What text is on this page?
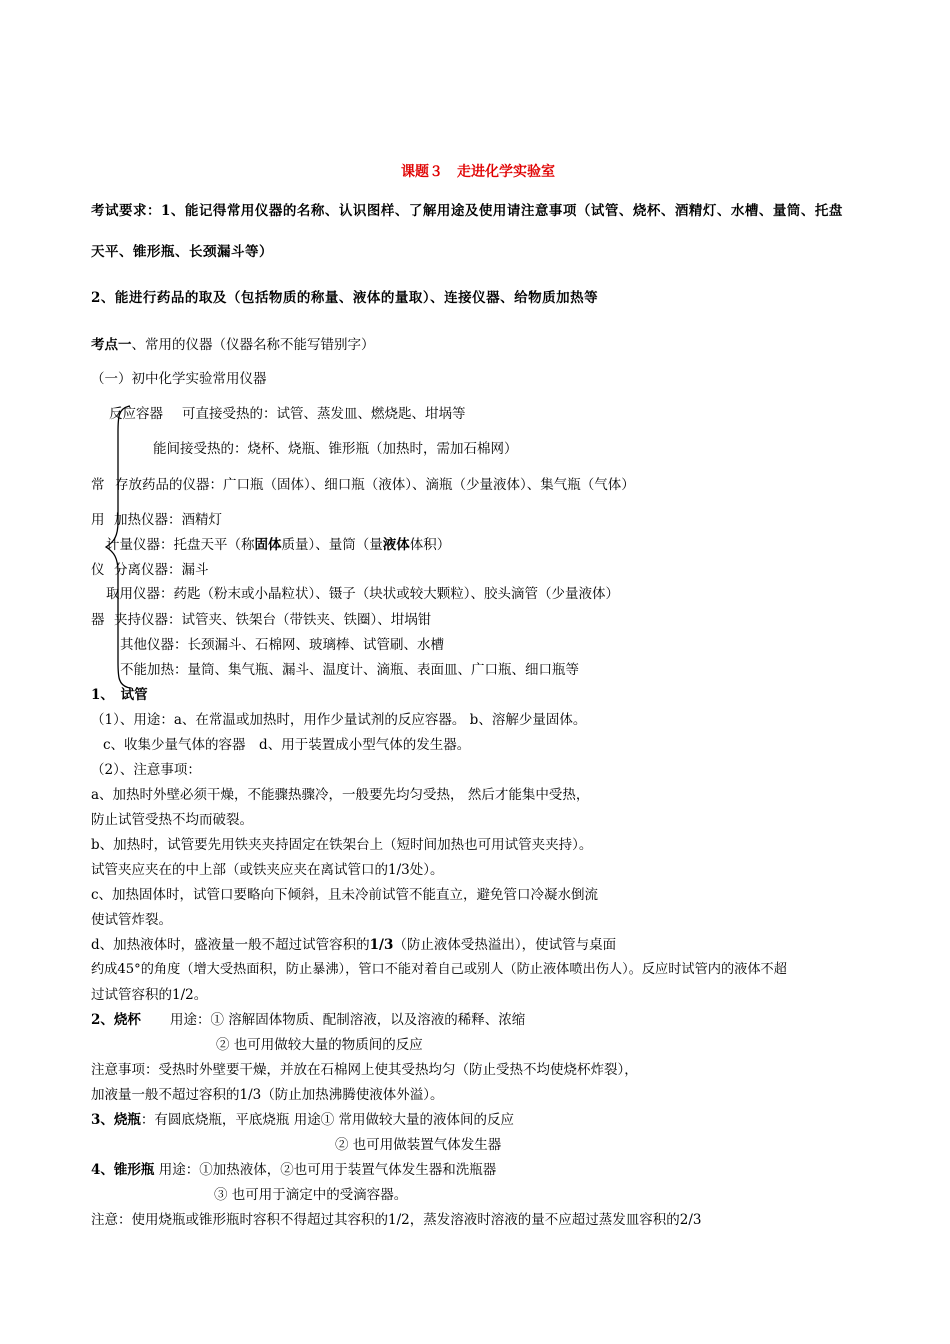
课题３　走进化学实验室
考试要求：1、能记得常用仪器的名称、认识图样、了解用途及使用请注意事项（试管、烧杯、酒精灯、水槽、量筒、托盘
天平、锥形瓶、长颈漏斗等）
2、能进行药品的取及（包括物质的称量、液体的量取）、连接仪器、给物质加热等
考点一、常用的仪器（仪器名称不能写错别字）
（一）初中化学实验常用仪器
反应容器 可直接受热的：试管、蒸发皿、燃烧匙、坩埚等
能间接受热的：烧杯、烧瓶、锥形瓶（加热时，需加石棉网）
常 存放药品的仪器：广口瓶（固体）、细口瓶（液体）、滴瓶（少量液体）、集气瓶（气体）
用 加热仪器：酒精灯
计量仪器：托盘天平（称固体质量）、量筒（量液体体积）
仪 分离仪器：漏斗
取用仪器：药匙（粉末或小晶粒状）、镊子（块状或较大颗粒）、胶头滴管（少量液体）
器 夹持仪器：试管夹、铁架台（带铁夹、铁圈）、坩埚钳
其他仪器：长颈漏斗、石棉网、玻璃棒、试管刷、水槽
不能加热：量筒、集气瓶、漏斗、温度计、滴瓶、表面皿、广口瓶、细口瓶等
1、　试管
（1）、用途：a、在常温或加热时，用作少量试剂的反应容器。 b、溶解少量固体。
c、收集少量气体的容器　d、用于装置成小型气体的发生器。
（2）、注意事项：
a、加热时外壁必须干燥，不能骤热骤冷，一般要先均匀受热， 然后才能集中受热，
防止试管受热不均而破裂。
b、加热时，试管要先用铁夹夹持固定在铁架台上（短时间加热也可用试管夹夹持）。
试管夹应夹在的中上部（或铁夹应夹在离试管口的1/3处）。
c、加热固体时，试管口要略向下倾斜，且未冷前试管不能直立，避免管口冷凝水倒流
使试管炸裂。
d、加热液体时，盛液量一般不超过试管容积的1/3（防止液体受热溢出），使试管与桌面
约成45°的角度（增大受热面积，防止暴沸），管口不能对着自己或别人（防止液体喷出伤人）。反应时试管内的液体不超
过试管容积的1/2。
2、烧杯 用途：① 溶解固体物质、配制溶液，以及溶液的稀释、浓缩
② 也可用做较大量的物质间的反应
注意事项：受热时外壁要干燥，并放在石棉网上使其受热均匀（防止受热不均使烧杯炸裂），
加液量一般不超过容积的1/3（防止加热沸腾使液体外溢）。
3、烧瓶：有圆底烧瓶，平底烧瓶 用途① 常用做较大量的液体间的反应
② 也可用做装置气体发生器
4、锥形瓶 用途：①加热液体，②也可用于装置气体发生器和洗瓶器
③ 也可用于滴定中的受滴容器。
注意：使用烧瓶或锥形瓶时容积不得超过其容积的1/2，蒸发溶液时溶液的量不应超过蒸发皿容积的2/3
